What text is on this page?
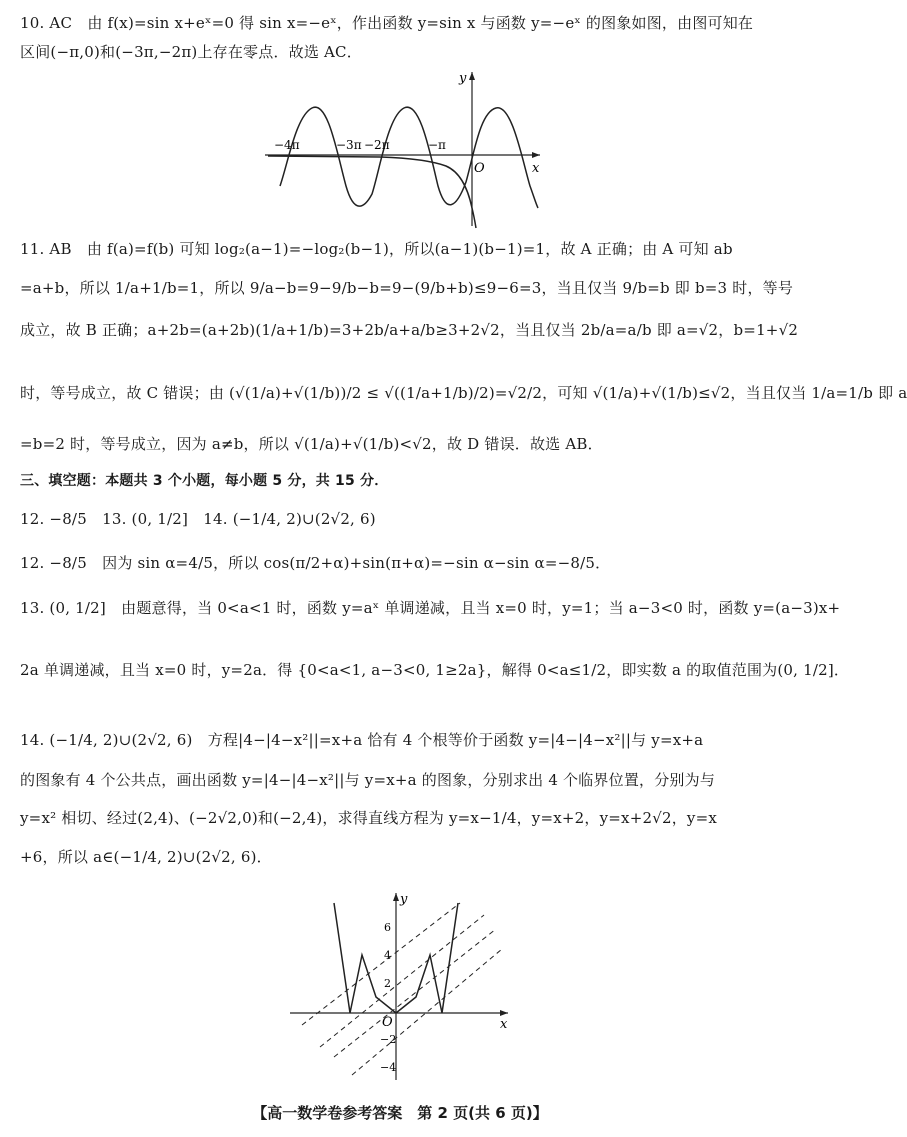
10. AC　由 f(x)=sin x+eˣ=0 得 sin x=−eˣ，作出函数 y=sin x 与函数 y=−eˣ 的图象如图，由图可知在
区间(−π,0)和(−3π,−2π)上存在零点．故选 AC．
y
x
O
−4π	−3π −2π	−π
11. AB　由 f(a)=f(b) 可知 log₂(a−1)=−log₂(b−1)，所以(a−1)(b−1)=1，故 A 正确；由 A 可知 ab
=a+b，所以 1/a+1/b=1，所以 9/a−b=9−9/b−b=9−(9/b+b)≤9−6=3，当且仅当 9/b=b 即 b=3 时，等号
成立，故 B 正确；a+2b=(a+2b)(1/a+1/b)=3+2b/a+a/b≥3+2√2，当且仅当 2b/a=a/b 即 a=√2，b=1+√2
时，等号成立，故 C 错误；由 (√(1/a)+√(1/b))/2 ≤ √((1/a+1/b)/2)=√2/2，可知 √(1/a)+√(1/b)≤√2，当且仅当 1/a=1/b 即 a
=b=2 时，等号成立，因为 a≠b，所以 √(1/a)+√(1/b)<√2，故 D 错误．故选 AB．
三、填空题：本题共 3 个小题，每小题 5 分，共 15 分．
12. −8/5　13. (0, 1/2]　14. (−1/4, 2)∪(2√2, 6)
12. −8/5　因为 sin α=4/5，所以 cos(π/2+α)+sin(π+α)=−sin α−sin α=−8/5．
13. (0, 1/2]　由题意得，当 0<a<1 时，函数 y=aˣ 单调递减，且当 x=0 时，y=1；当 a−3<0 时，函数 y=(a−3)x+
2a 单调递减，且当 x=0 时，y=2a．得 {0<a<1, a−3<0, 1≥2a}，解得 0<a≤1/2，即实数 a 的取值范围为(0, 1/2]．
14. (−1/4, 2)∪(2√2, 6)　方程|4−|4−x²||=x+a 恰有 4 个根等价于函数 y=|4−|4−x²||与 y=x+a
的图象有 4 个公共点，画出函数 y=|4−|4−x²||与 y=x+a 的图象，分别求出 4 个临界位置，分别为与
y=x² 相切、经过(2,4)、(−2√2,0)和(−2,4)，求得直线方程为 y=x−1/4，y=x+2，y=x+2√2，y=x
+6，所以 a∈(−1/4, 2)∪(2√2, 6)．
y
x
O
6
4
2
−2
−4
【高一数学卷参考答案　第 2 页(共 6 页)】
